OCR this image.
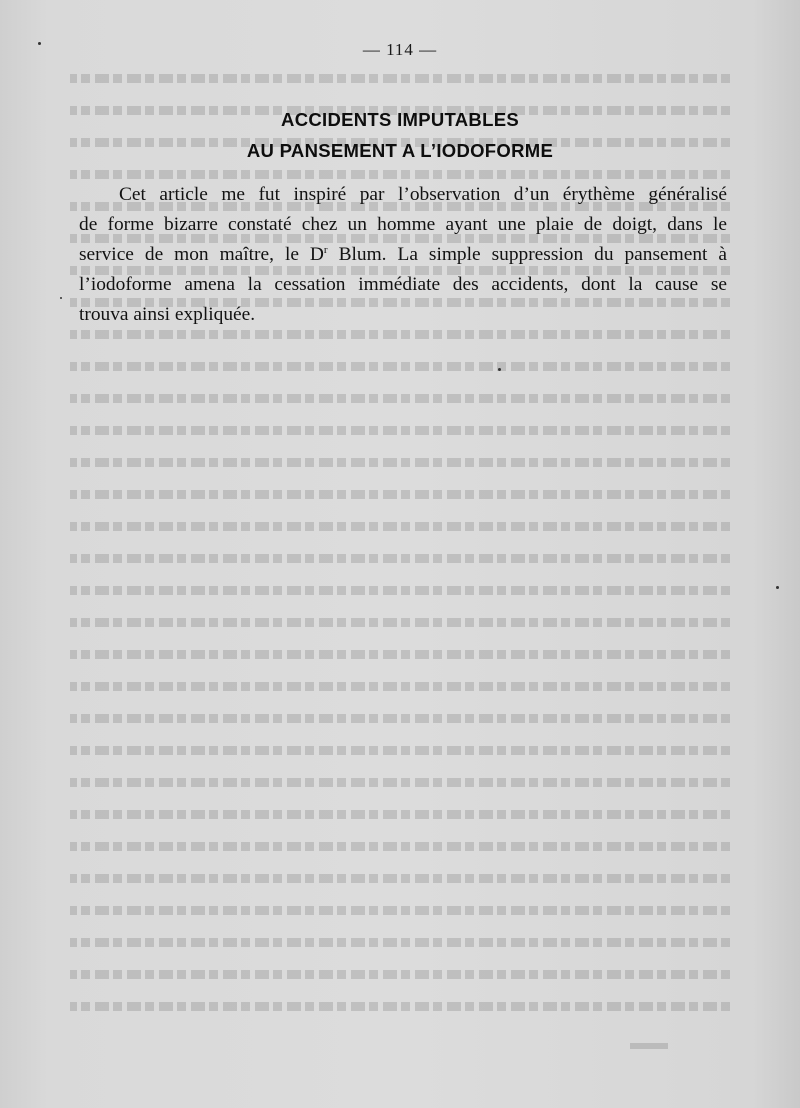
— 114 —
ACCIDENTS IMPUTABLES
AU PANSEMENT A L’IODOFORME
Cet article me fut inspiré par l’observation d’un érythème généralisé
de forme bizarre constaté chez un homme ayant une plaie de doigt, dans le
service de mon maître, le $D^r$ Blum. La simple suppression du pansement à
l’iodoforme amena la cessation immédiate des accidents, dont la cause se
trouva ainsi expliquée.
